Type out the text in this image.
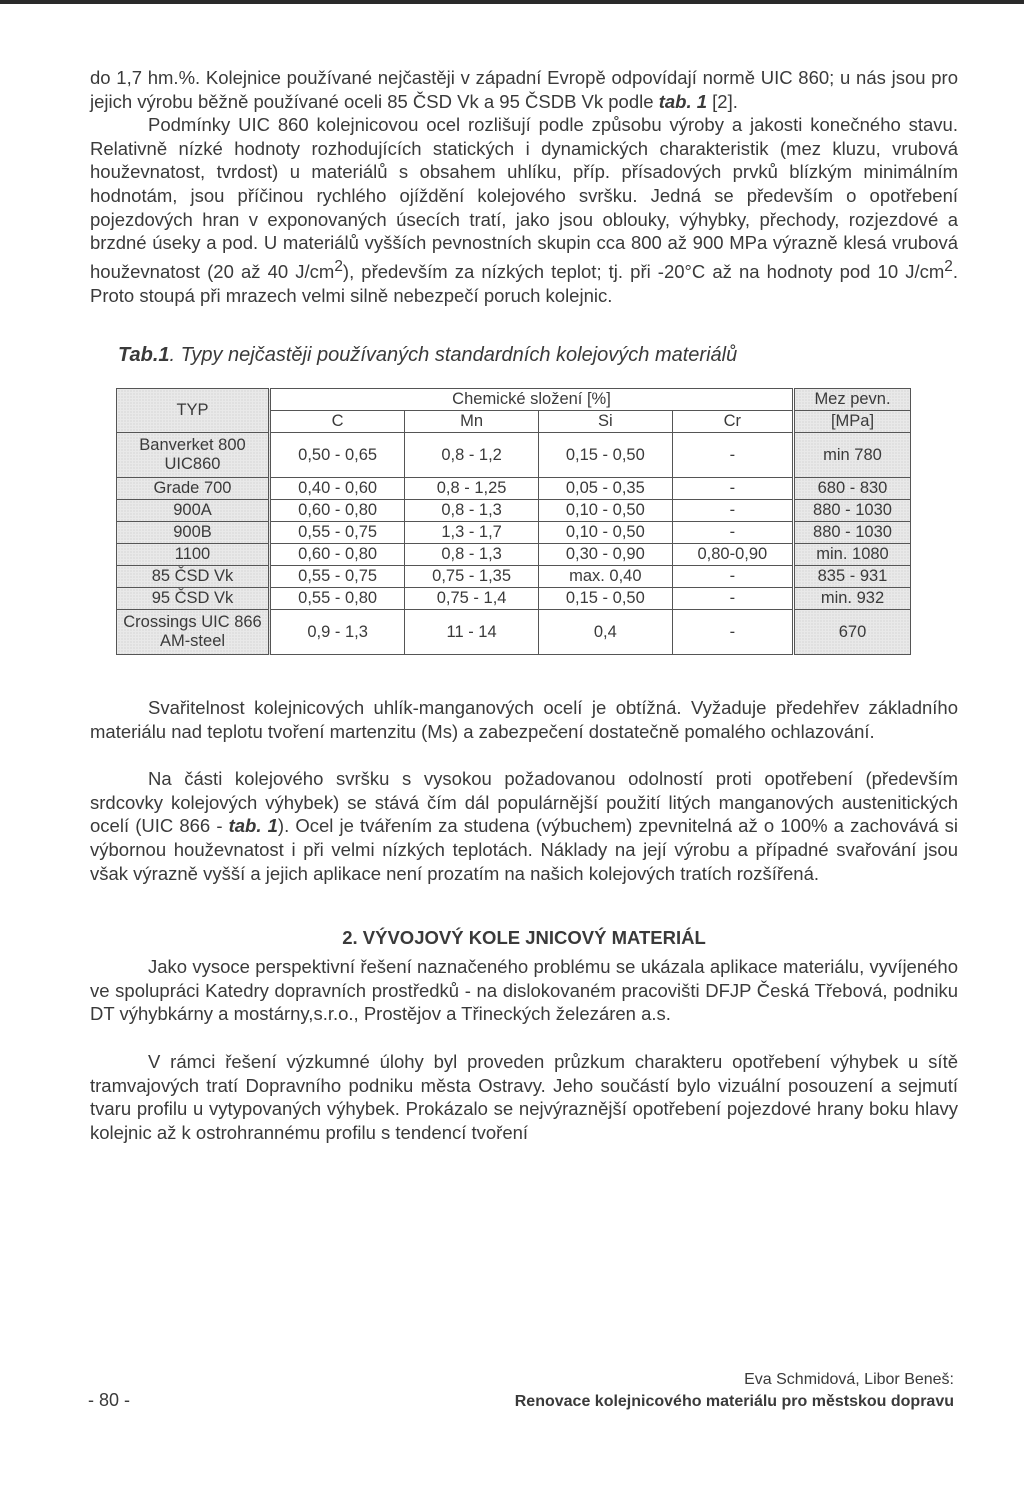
do 1,7 hm.%. Kolejnice používané nejčastěji v západní Evropě odpovídají normě UIC 860; u nás jsou pro jejich výrobu běžně používané oceli 85 ČSD Vk a 95 ČSDB Vk podle tab. 1 [2].

Podmínky UIC 860 kolejnicovou ocel rozlišují podle způsobu výroby a jakosti konečného stavu. Relativně nízké hodnoty rozhodujících statických i dynamických charakteristik (mez kluzu, vrubová houževnatost, tvrdost) u materiálů s obsahem uhlíku, příp. přísadových prvků blízkým minimálním hodnotám, jsou příčinou rychlého ojíždění kolejového svršku. Jedná se především o opotřebení pojezdových hran v exponovaných úsecích tratí, jako jsou oblouky, výhybky, přechody, rozjezdové a brzdné úseky a pod. U materiálů vyšších pevnostních skupin cca 800 až 900 MPa výrazně klesá vrubová houževnatost (20 až 40 $J/cm^2$), především za nízkých teplot; tj. při -20°C až na hodnoty pod 10 $J/cm^2$. Proto stoupá při mrazech velmi silně nebezpečí poruch kolejnic.

Tab.1. Typy nejčastěji používaných standardních kolejových materiálů
TYP	Chemické složení [%]				Mez pevn.
	C	Mn	Si	Cr	[MPa]
Banverket 800 UIC860	0,50 - 0,65	0,8 - 1,2	0,15 - 0,50	-	min 780
Grade 700	0,40 - 0,60	0,8 - 1,25	0,05 - 0,35	-	680 - 830
900A	0,60 - 0,80	0,8 - 1,3	0,10 - 0,50	-	880 - 1030
900B	0,55 - 0,75	1,3 - 1,7	0,10 - 0,50	-	880 - 1030
1100	0,60 - 0,80	0,8 - 1,3	0,30 - 0,90	0,80-0,90	min. 1080
85 ČSD Vk	0,55 - 0,75	0,75 - 1,35	max. 0,40	-	835 - 931
95 ČSD Vk	0,55 - 0,80	0,75 - 1,4	0,15 - 0,50	-	min. 932
Crossings UIC 866 AM-steel	0,9 - 1,3	11 - 14	0,4	-	670

Svařitelnost kolejnicových uhlík-manganových ocelí je obtížná. Vyžaduje předehřev základního materiálu nad teplotu tvoření martenzitu (Ms) a zabezpečení dostatečně pomalého ochlazování.

Na části kolejového svršku s vysokou požadovanou odolností proti opotřebení (především srdcovky kolejových výhybek) se stává čím dál populárnější použití litých manganových austenitických ocelí (UIC 866 - tab. 1). Ocel je tvářením za studena (výbuchem) zpevnitelná až o 100% a zachovává si výbornou houževnatost i při velmi nízkých teplotách. Náklady na její výrobu a případné svařování jsou však výrazně vyšší a jejich aplikace není prozatím na našich kolejových tratích rozšířená.

2. VÝVOJOVÝ KOLE JNICOVÝ MATERIÁL

Jako vysoce perspektivní řešení naznačeného problému se ukázala aplikace materiálu, vyvíjeného ve spolupráci Katedry dopravních prostředků - na dislokovaném pracovišti DFJP Česká Třebová, podniku DT výhybkárny a mostárny,s.r.o., Prostějov a Třineckých železáren a.s.

V rámci řešení výzkumné úlohy byl proveden průzkum charakteru opotřebení výhybek u sítě tramvajových tratí Dopravního podniku města Ostravy. Jeho součástí bylo vizuální posouzení a sejmutí tvaru profilu u vytypovaných výhybek. Prokázalo se nejvýraznější opotřebení pojezdové hrany boku hlavy kolejnic až k ostrohrannému profilu s tendencí tvoření

- 80 -
Eva Schmidová, Libor Beneš:
Renovace kolejnicového materiálu pro městskou dopravu
